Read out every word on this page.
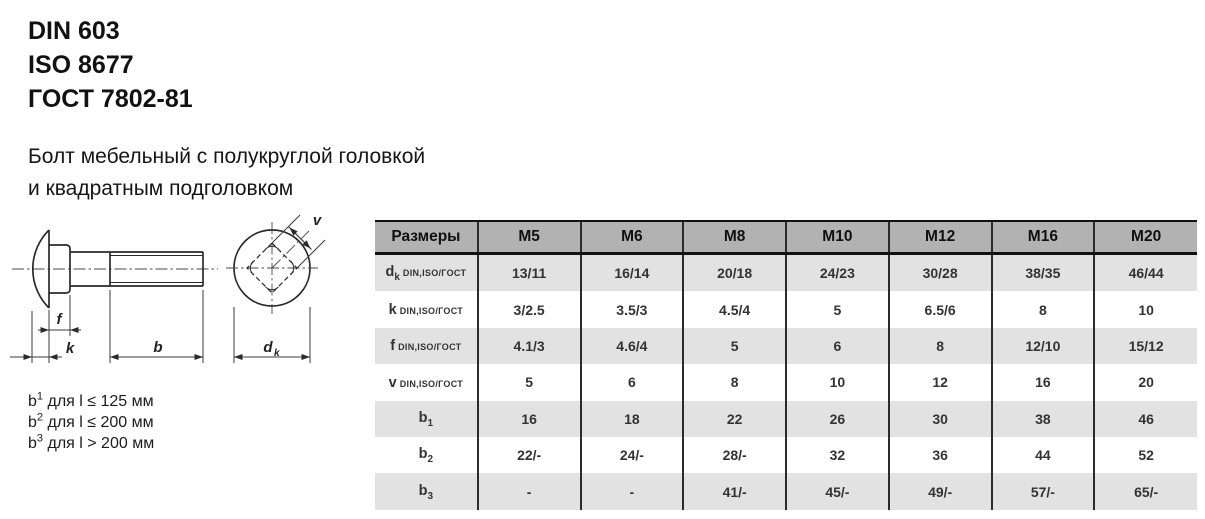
DIN 603
ISO 8677
ГОСТ 7802-81
Болт мебельный с полукруглой головкой
и квадратным подголовком
f
k	b
v
d k
$b^1$ для l ≤ 125 мм
$b^2$ для l ≤ 200 мм
$b^3$ для l > 200 мм
Размеры	M5	M6	M8	M10	M12	M16	M20
$d_k$ DIN,ISO/ГОСТ	13/11	16/14	20/18	24/23	30/28	38/35	46/44
k DIN,ISO/ГОСТ	3/2.5	3.5/3	4.5/4	5	6.5/6	8	10
f DIN,ISO/ГОСТ	4.1/3	4.6/4	5	6	8	12/10	15/12
v DIN,ISO/ГОСТ	5	6	8	10	12	16	20
$b_1$	16	18	22	26	30	38	46
$b_2$	22/-	24/-	28/-	32	36	44	52
$b_3$	-	-	41/-	45/-	49/-	57/-	65/-
